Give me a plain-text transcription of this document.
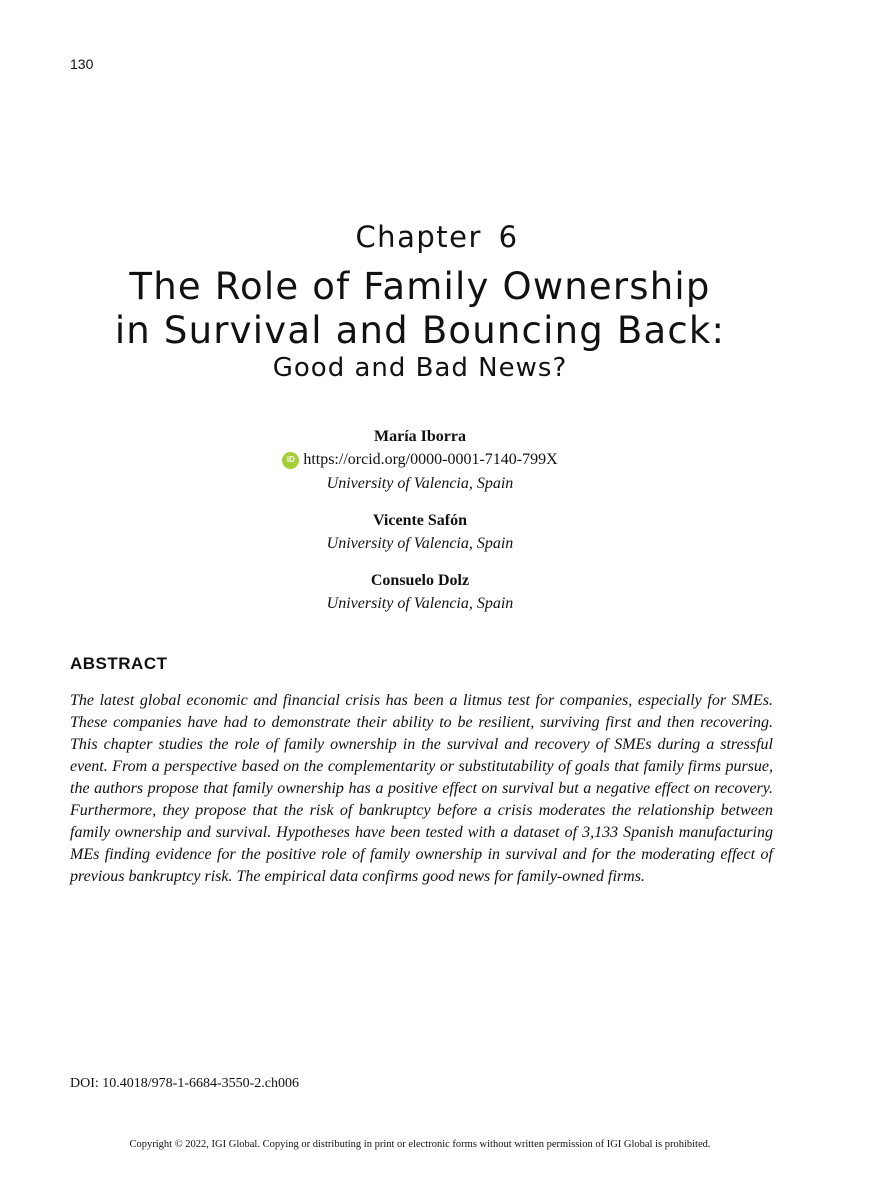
130
Chapter 6
The Role of Family Ownership
in Survival and Bouncing Back:
Good and Bad News?
María Iborra
iD https://orcid.org/0000-0001-7140-799X
University of Valencia, Spain
Vicente Safón
University of Valencia, Spain
Consuelo Dolz
University of Valencia, Spain
ABSTRACT

The latest global economic and financial crisis has been a litmus test for companies, especially for SMEs. These companies have had to demonstrate their ability to be resilient, surviving first and then recovering. This chapter studies the role of family ownership in the survival and recovery of SMEs during a stressful event. From a perspective based on the complementarity or substitutability of goals that family firms pursue, the authors propose that family ownership has a positive effect on survival but a negative effect on recovery. Furthermore, they propose that the risk of bankruptcy before a crisis moderates the relationship between family ownership and survival. Hypotheses have been tested with a dataset of 3,133 Spanish manufacturing MEs finding evidence for the positive role of family ownership in survival and for the moderating effect of previous bankruptcy risk. The empirical data confirms good news for family-owned firms.

DOI: 10.4018/978-1-6684-3550-2.ch006
Copyright © 2022, IGI Global. Copying or distributing in print or electronic forms without written permission of IGI Global is prohibited.
